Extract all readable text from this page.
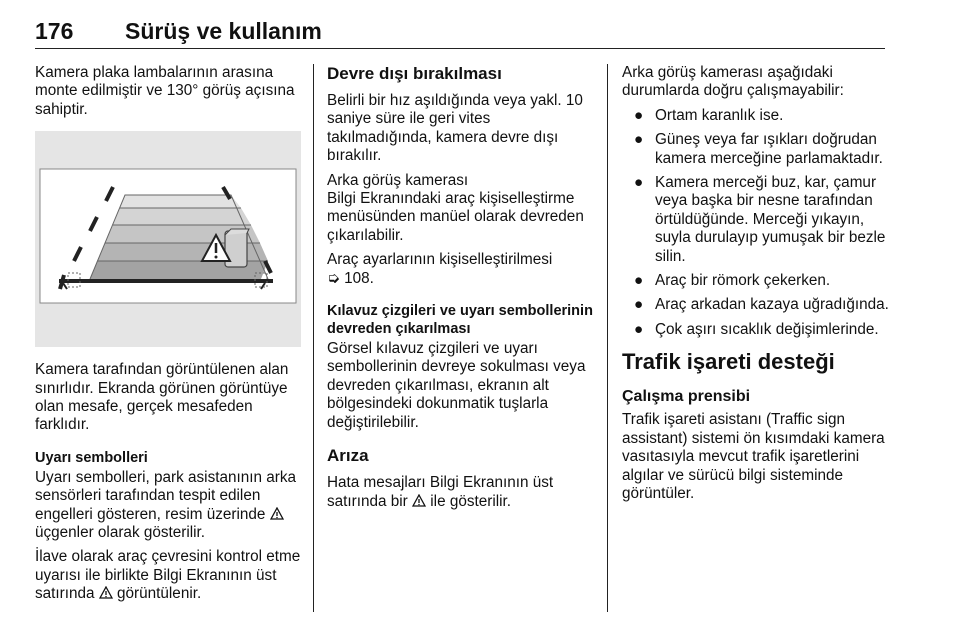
176 Sürüş ve kullanım

Kamera plaka lambalarının arasına monte edilmiştir ve 130° görüş açısına sahiptir.

Kamera tarafından görüntülenen alan sınırlıdır. Ekranda görünen görüntüye olan mesafe, gerçek mesafeden farklıdır.

Uyarı sembolleri

Uyarı sembolleri, park asistanının arka sensörleri tarafından tespit edilen engelleri gösteren, resim üzerinde  üçgenler olarak gösterilir.

İlave olarak araç çevresini kontrol etme uyarısı ile birlikte Bilgi Ekranının üst satırında görüntülenir.

Devre dışı bırakılması

Belirli bir hız aşıldığında veya yakl. 10 saniye süre ile geri vites takılmadığında, kamera devre dışı bırakılır.

Arka görüş kamerası
Bilgi Ekranındaki araç kişiselleştirme menüsünden manüel olarak devreden çıkarılabilir.

Araç ayarlarının kişiselleştirilmesi
➭ 108.

Kılavuz çizgileri ve uyarı sembollerinin devreden çıkarılması

Görsel kılavuz çizgileri ve uyarı sembollerinin devreye sokulması veya devreden çıkarılması, ekranın alt bölgesindeki dokunmatik tuşlarla değiştirilebilir.

Arıza

Hata mesajları Bilgi Ekranının üst satırında bir ile gösterilir.

Arka görüş kamerası aşağıdaki durumlarda doğru çalışmayabilir:

● Ortam karanlık ise.
● Güneş veya far ışıkları doğrudan kamera merceğine parlamaktadır.
● Kamera merceği buz, kar, çamur veya başka bir nesne tarafından örtüldüğünde. Merceği yıkayın, suyla durulayıp yumuşak bir bezle silin.
● Araç bir römork çekerken.
● Araç arkadan kazaya uğradığında.
● Çok aşırı sıcaklık değişimlerinde.
Trafik işareti desteği
Çalışma prensibi

Trafik işareti asistanı (Traffic sign assistant) sistemi ön kısımdaki kamera vasıtasıyla mevcut trafik işaretlerini algılar ve sürücü bilgi sisteminde görüntüler.
